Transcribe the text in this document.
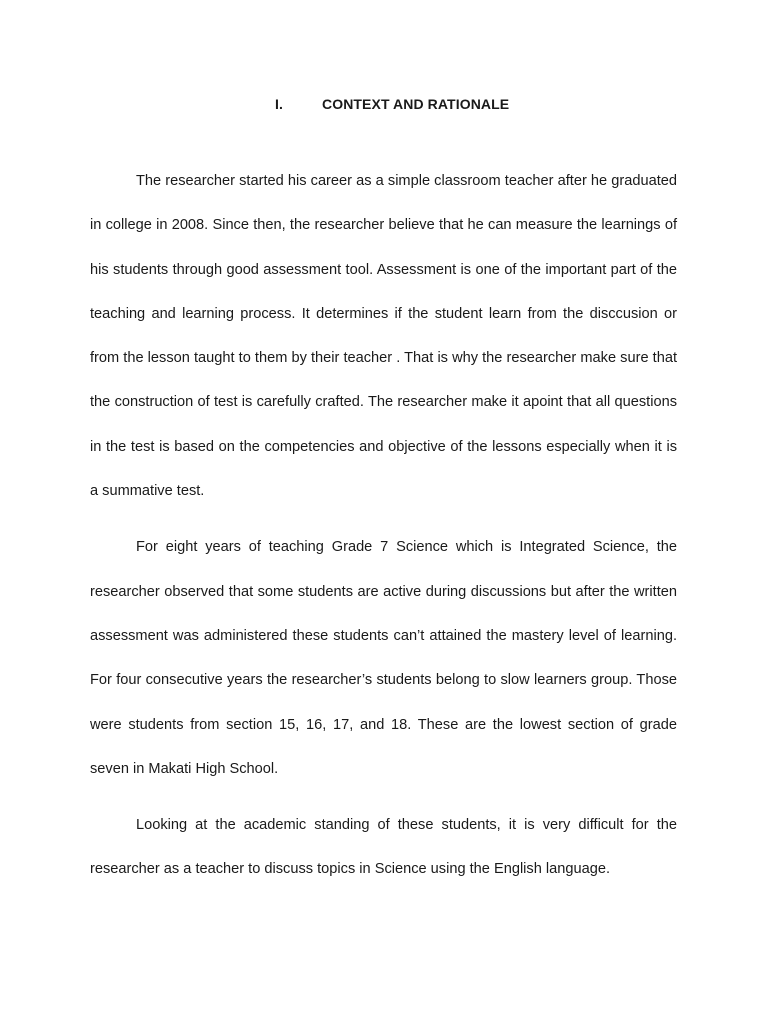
I.	CONTEXT AND RATIONALE

The researcher started his career as a simple classroom teacher after he graduated in college in 2008. Since then, the researcher believe that he can measure the learnings of his students through good assessment tool. Assessment is one of the important part of the teaching and learning process. It determines if the student learn from the disccusion or from the lesson taught to them by their teacher . That is why the researcher make sure that the construction of test is carefully crafted. The researcher make it apoint that all questions in the test is based on the competencies and objective of the lessons especially when it is a summative test.

For eight years of teaching Grade 7 Science which is Integrated Science, the researcher observed that some students are active during discussions but after the written assessment was administered these students can’t attained the mastery level of learning. For four consecutive years the researcher’s students belong to slow learners group. Those were students from section 15, 16, 17, and 18. These are the lowest section of grade seven in Makati High School.

Looking at the academic standing of these students, it is very difficult for the researcher as a teacher to discuss topics in Science using the English language.
